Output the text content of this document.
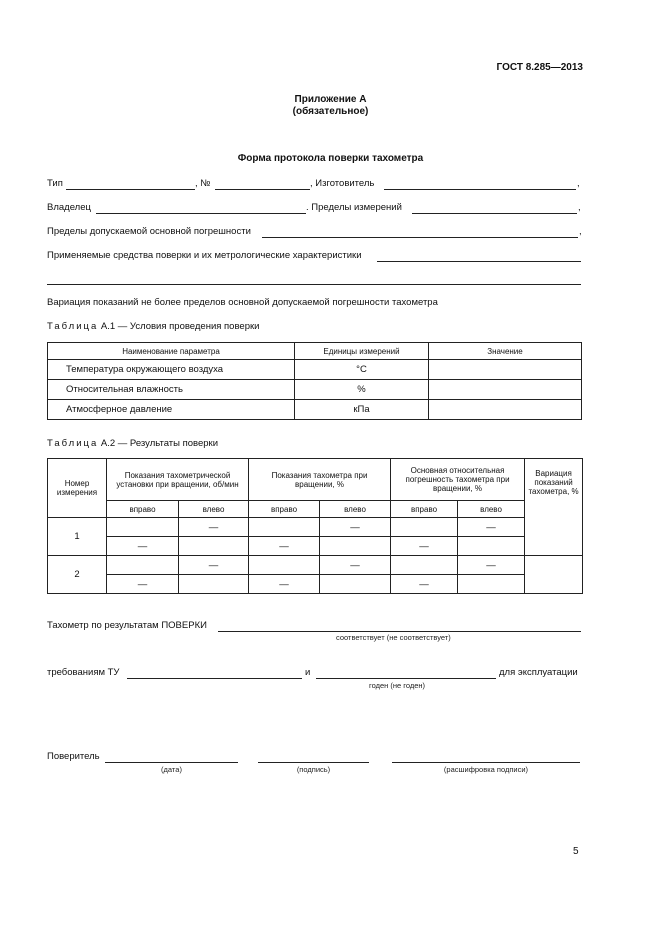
ГОСТ 8.285—2013
Приложение А
(обязательное)
Форма протокола поверки тахометра
Тип	, №	, Изготовитель	,
Владелец	. Пределы измерений	,
Пределы допускаемой основной погрешности	,
Применяемые средства поверки и их метрологические характеристики
Вариация показаний не более пределов основной допускаемой погрешности тахометра
Таблица А.1 — Условия проведения поверки
Наименование параметра	Единицы измерений	Значение
Температура окружающего воздуха	°С	
Относительная влажность	%	
Атмосферное давление	кПа	
Таблица А.2 — Результаты поверки
Номер измерения	Показания тахометрической установки при вращении, об/мин		Показания тахометра при вращении, %		Основная относительная погрешность тахометра при вращении, %		Вариация показаний тахометра, %
	вправо	влево	вправо	влево	вправо	влево	
1		—		—		—	
	—		—		—		
2		—		—		—	
	—		—		—		
Тахометр по результатам ПОВЕРКИ
соответствует (не соответствует)
требованиям ТУ	и	для эксплуатации
годен (не годен)
Поверитель
(дата)	(подпись)	(расшифровка подписи)
5
